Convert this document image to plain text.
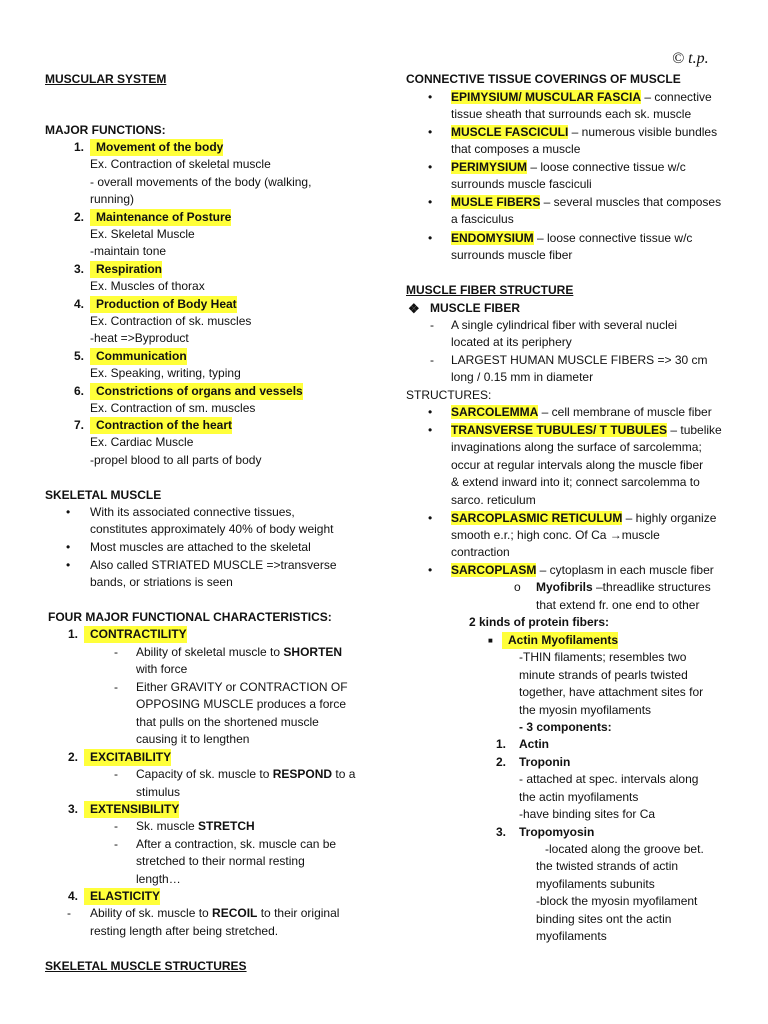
© t.p.
MUSCULAR SYSTEM
MAJOR FUNCTIONS:
1. Movement of the body
Ex. Contraction of skeletal muscle
- overall movements of the body (walking,
running)
2. Maintenance of Posture
Ex. Skeletal Muscle
-maintain tone
3. Respiration
Ex. Muscles of thorax
4. Production of Body Heat
Ex. Contraction of sk. muscles
-heat =>Byproduct
5. Communication
Ex. Speaking, writing, typing
6. Constrictions of organs and vessels
Ex. Contraction of sm. muscles
7. Contraction of the heart
Ex. Cardiac Muscle
-propel blood to all parts of body
SKELETAL MUSCLE
•
With its associated connective tissues,
constitutes approximately 40% of body weight
•
Most muscles are attached to the skeletal
•
Also called STRIATED MUSCLE =>transverse
bands, or striations is seen
FOUR MAJOR FUNCTIONAL CHARACTERISTICS:
1. CONTRACTILITY
- Ability of skeletal muscle to SHORTEN
with force
- Either GRAVITY or CONTRACTION OF
OPPOSING MUSCLE produces a force
that pulls on the shortened muscle
causing it to lengthen
2. EXCITABILITY
- Capacity of sk. muscle to RESPOND to a
stimulus
3. EXTENSIBILITY
- Sk. muscle STRETCH
- After a contraction, sk. muscle can be
stretched to their normal resting
length…
4. ELASTICITY
- Ability of sk. muscle to RECOIL to their original
resting length after being stretched.
SKELETAL MUSCLE STRUCTURES
CONNECTIVE TISSUE COVERINGS OF MUSCLE
•
EPIMYSIUM/ MUSCULAR FASCIA – connective
tissue sheath that surrounds each sk. muscle
•
MUSCLE FASCICULI – numerous visible bundles
that composes a muscle
•
PERIMYSIUM – loose connective tissue w/c
surrounds muscle fasciculi
•
MUSLE FIBERS – several muscles that composes
a fasciculus
•
ENDOMYSIUM – loose connective tissue w/c
surrounds muscle fiber
MUSCLE FIBER STRUCTURE
❖ MUSCLE FIBER
- A single cylindrical fiber with several nuclei
located at its periphery
- LARGEST HUMAN MUSCLE FIBERS => 30 cm
long / 0.15 mm in diameter
STRUCTURES:
•
SARCOLEMMA – cell membrane of muscle fiber
•
TRANSVERSE TUBULES/ T TUBULES – tubelike
invaginations along the surface of sarcolemma;
occur at regular intervals along the muscle fiber
& extend inward into it; connect sarcolemma to
sarco. reticulum
•
SARCOPLASMIC RETICULUM – highly organize
smooth e.r.; high conc. Of Ca →muscle
contraction
•
SARCOPLASM – cytoplasm in each muscle fiber
o Myofibrils –threadlike structures
that extend fr. one end to other
2 kinds of protein fibers:
■	Actin Myofilaments
-THIN filaments; resembles two
minute strands of pearls twisted
together, have attachment sites for
the myosin myofilaments
- 3 components:
1. Actin
2. Troponin
- attached at spec. intervals along
the actin myofilaments
-have binding sites for Ca
3. Tropomyosin
-located along the groove bet.
the twisted strands of actin
myofilaments subunits
-block the myosin myofilament
binding sites ont the actin
myofilaments
